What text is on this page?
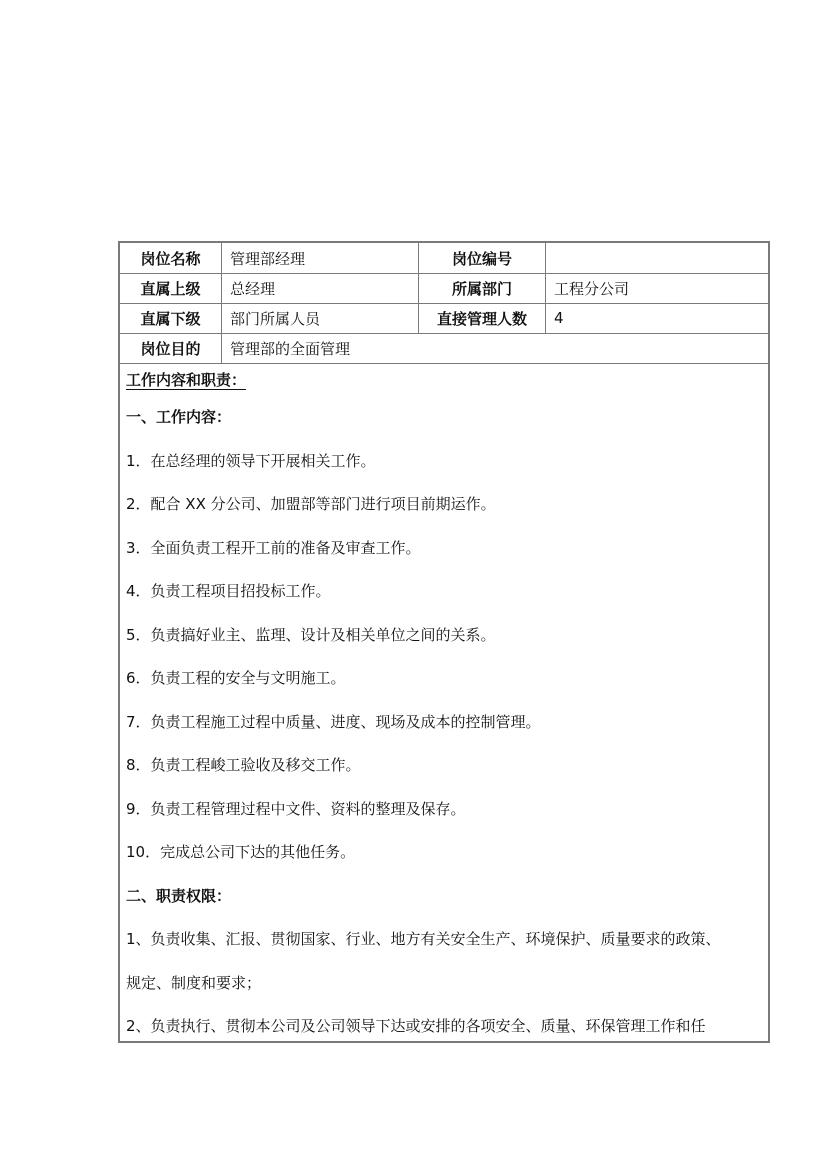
岗位名称	管理部经理	岗位编号
直属上级	总经理	所属部门	工程分公司
直属下级	部门所属人员	直接管理人数	4
岗位目的	管理部的全面管理
工作内容和职责：
一、工作内容：
1．在总经理的领导下开展相关工作。
2．配合 XX 分公司、加盟部等部门进行项目前期运作。
3．全面负责工程开工前的准备及审查工作。
4．负责工程项目招投标工作。
5．负责搞好业主、监理、设计及相关单位之间的关系。
6．负责工程的安全与文明施工。
7．负责工程施工过程中质量、进度、现场及成本的控制管理。
8．负责工程峻工验收及移交工作。
9．负责工程管理过程中文件、资料的整理及保存。
10．完成总公司下达的其他任务。
二、职责权限：
1、负责收集、汇报、贯彻国家、行业、地方有关安全生产、环境保护、质量要求的政策、
规定、制度和要求；
2、负责执行、贯彻本公司及公司领导下达或安排的各项安全、质量、环保管理工作和任
